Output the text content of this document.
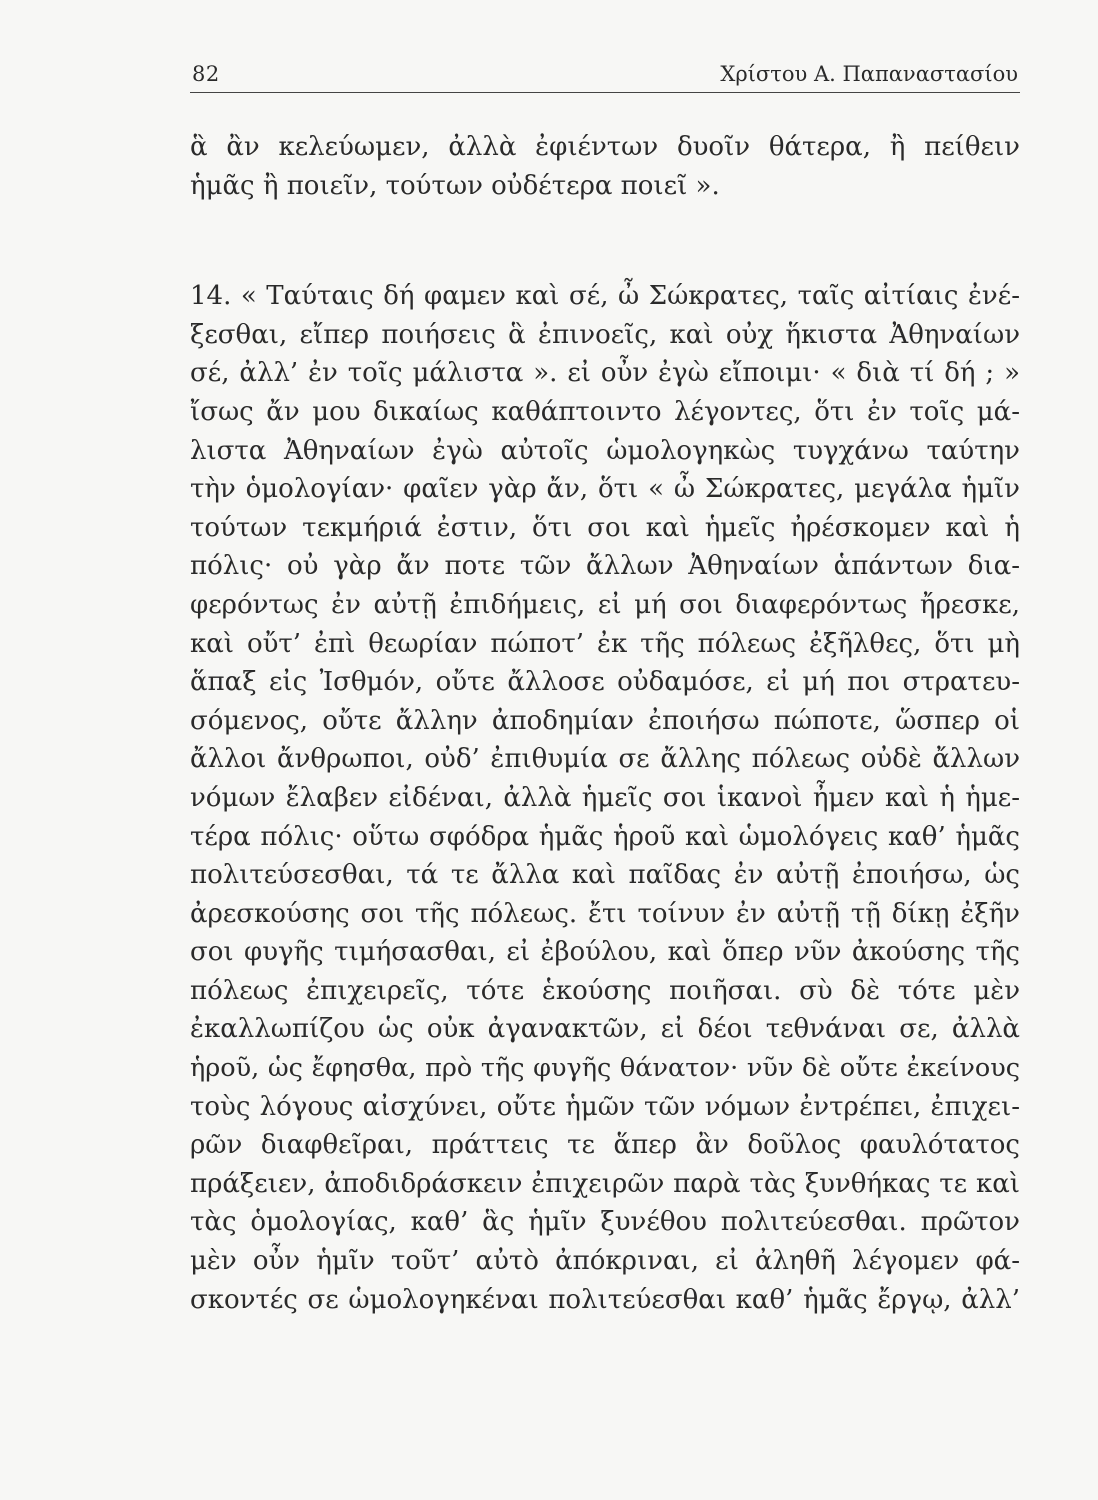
82	Χρίστου Α. Παπαναστασίου
ἃ ἂν κελεύωμεν, ἀλλὰ ἐφιέντων δυοῖν θάτερα, ἢ πείθειν
ἡμᾶς ἢ ποιεῖν, τούτων οὐδέτερα ποιεῖ ».
14. « Ταύταις δή φαμεν καὶ σέ, ὦ Σώκρατες, ταῖς αἰτίαις ἐνέ-
ξεσθαι, εἴπερ ποιήσεις ἃ ἐπινοεῖς, καὶ οὐχ ἥκιστα Ἀθηναίων
σέ, ἀλλ’ ἐν τοῖς μάλιστα ». εἰ οὖν ἐγὼ εἴποιμι· « διὰ τί δή ; »
ἴσως ἄν μου δικαίως καθάπτοιντο λέγοντες, ὅτι ἐν τοῖς μά-
λιστα Ἀθηναίων ἐγὼ αὐτοῖς ὡμολογηκὼς τυγχάνω ταύτην
τὴν ὁμολογίαν· φαῖεν γὰρ ἄν, ὅτι « ὦ Σώκρατες, μεγάλα ἡμῖν
τούτων τεκμήριά ἐστιν, ὅτι σοι καὶ ἡμεῖς ἠρέσκομεν καὶ ἡ
πόλις· οὐ γὰρ ἄν ποτε τῶν ἄλλων Ἀθηναίων ἁπάντων δια-
φερόντως ἐν αὐτῇ ἐπιδήμεις, εἰ μή σοι διαφερόντως ἤρεσκε,
καὶ οὔτ’ ἐπὶ θεωρίαν πώποτ’ ἐκ τῆς πόλεως ἐξῆλθες, ὅτι μὴ
ἅπαξ εἰς Ἰσθμόν, οὔτε ἄλλοσε οὐδαμόσε, εἰ μή ποι στρατευ-
σόμενος, οὔτε ἄλλην ἀποδημίαν ἐποιήσω πώποτε, ὥσπερ οἱ
ἄλλοι ἄνθρωποι, οὐδ’ ἐπιθυμία σε ἄλλης πόλεως οὐδὲ ἄλλων
νόμων ἔλαβεν εἰδέναι, ἀλλὰ ἡμεῖς σοι ἱκανοὶ ἦμεν καὶ ἡ ἡμε-
τέρα πόλις· οὕτω σφόδρα ἡμᾶς ἡροῦ καὶ ὡμολόγεις καθ’ ἡμᾶς
πολιτεύσεσθαι, τά τε ἄλλα καὶ παῖδας ἐν αὐτῇ ἐποιήσω, ὡς
ἀρεσκούσης σοι τῆς πόλεως. ἔτι τοίνυν ἐν αὐτῇ τῇ δίκῃ ἐξῆν
σοι φυγῆς τιμήσασθαι, εἰ ἐβούλου, καὶ ὅπερ νῦν ἀκούσης τῆς
πόλεως ἐπιχειρεῖς, τότε ἑκούσης ποιῆσαι. σὺ δὲ τότε μὲν
ἐκαλλωπίζου ὡς οὐκ ἀγανακτῶν, εἰ δέοι τεθνάναι σε, ἀλλὰ
ἡροῦ, ὡς ἔφησθα, πρὸ τῆς φυγῆς θάνατον· νῦν δὲ οὔτε ἐκείνους
τοὺς λόγους αἰσχύνει, οὔτε ἡμῶν τῶν νόμων ἐντρέπει, ἐπιχει-
ρῶν διαφθεῖραι, πράττεις τε ἅπερ ἂν δοῦλος φαυλότατος
πράξειεν, ἀποδιδράσκειν ἐπιχειρῶν παρὰ τὰς ξυνθήκας τε καὶ
τὰς ὁμολογίας, καθ’ ἃς ἡμῖν ξυνέθου πολιτεύεσθαι. πρῶτον
μὲν οὖν ἡμῖν τοῦτ’ αὐτὸ ἀπόκριναι, εἰ ἀληθῆ λέγομεν φά-
σκοντές σε ὡμολογηκέναι πολιτεύεσθαι καθ’ ἡμᾶς ἔργῳ, ἀλλ’
